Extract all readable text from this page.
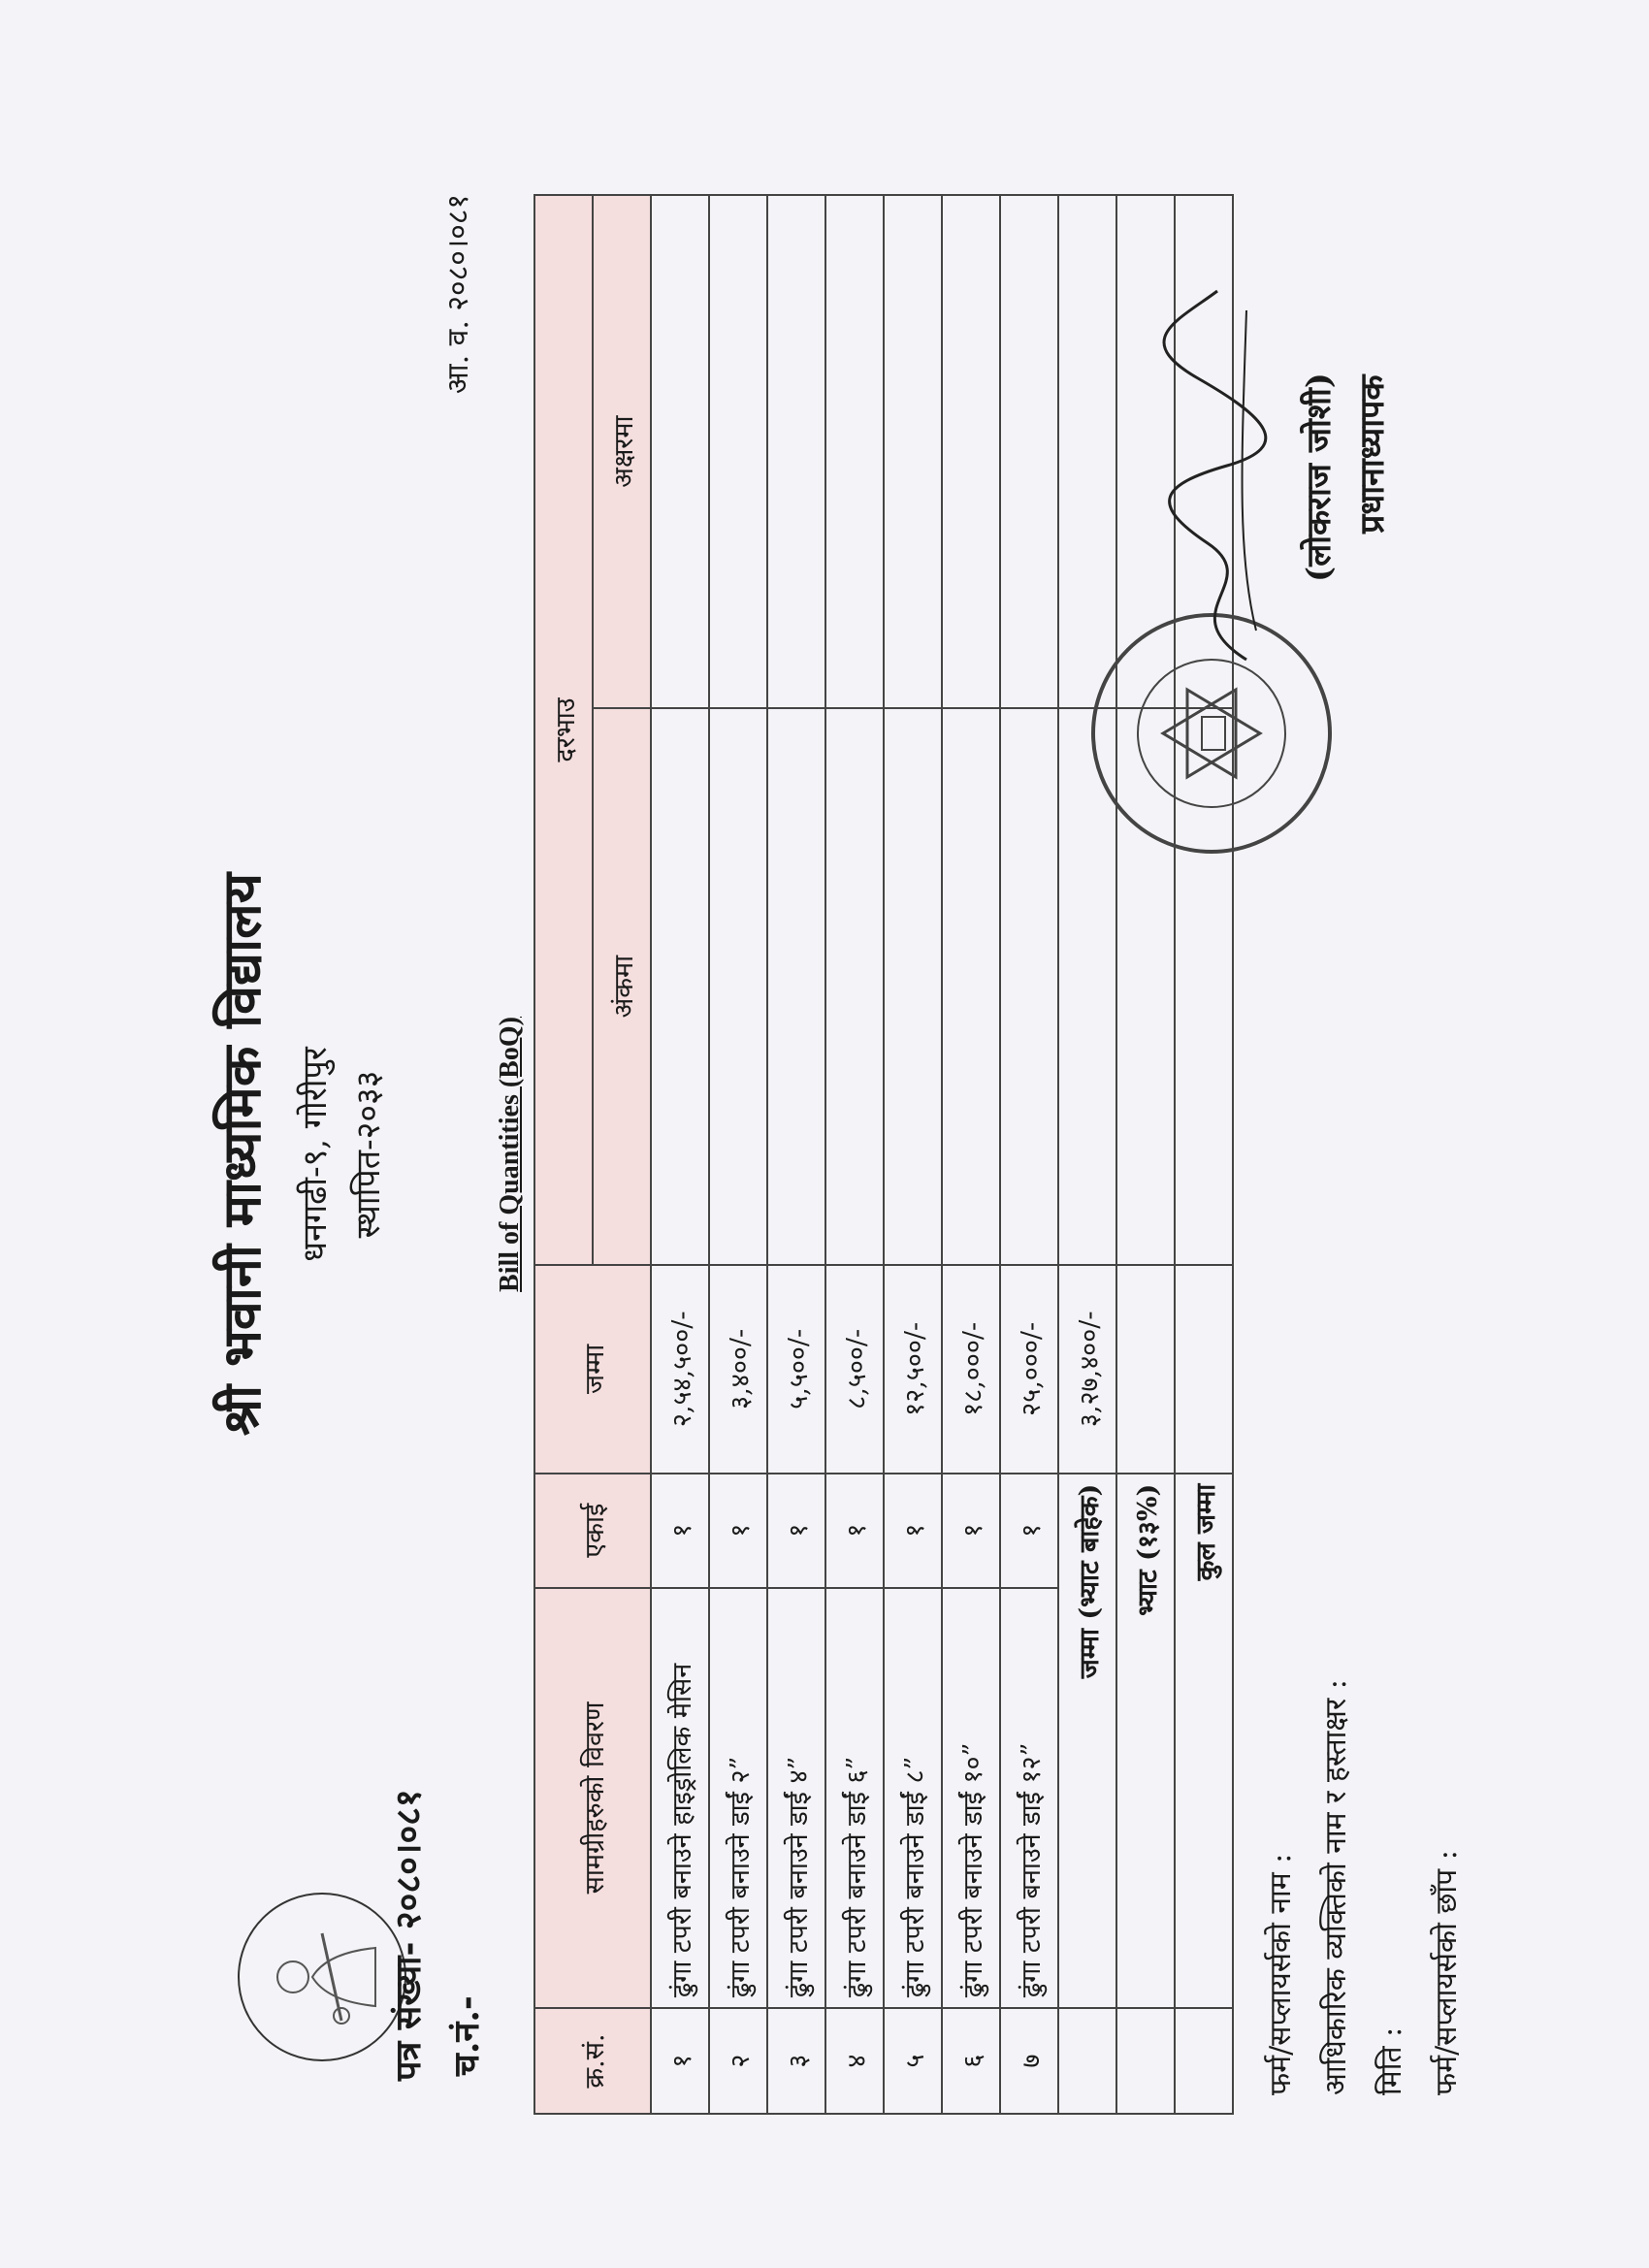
श्री भवानी माध्यमिक विद्यालय धनगढी-९, गोरीपुर स्थापित-२०३३
पत्र संख्या- २०८०।०८१ च.नं.-
आ. व. २०८०।०८१
Bill of Quantities (BoQ)
क्र.सं.	सामग्रीहरुको विवरण	एकाई	जम्मा	दरभाउ	
				अंकमा	अक्षरमा
१	ढुंगा टपरी बनाउने हाइड्रोलिक मेसिन	१	२,५४,५००/-		
२	ढुंगा टपरी बनाउने डाईं २”	१	३,४००/-		
३	ढुंगा टपरी बनाउने डाईं ४”	१	५,५००/-		
४	ढुंगा टपरी बनाउने डाईं ६”	१	८,५००/-		
५	ढुंगा टपरी बनाउने डाईं ८”	१	१२,५००/-		
६	ढुंगा टपरी बनाउने डाईं १०”	१	१८,०००/-		
७	ढुंगा टपरी बनाउने डाईं १२”	१	२५,०००/-		
	जम्मा (भ्याट बाहेक)		३,२७,४००/-		
	भ्याट (१३%)				
	कुल जम्मा				
फर्म/सप्लायर्सको नाम : आधिकारिक व्यक्तिको नाम र हस्ताक्षर : मिति : फर्म/सप्लायर्सको छाँप :
(लोकराज जोशी) प्रधानाध्यापक
